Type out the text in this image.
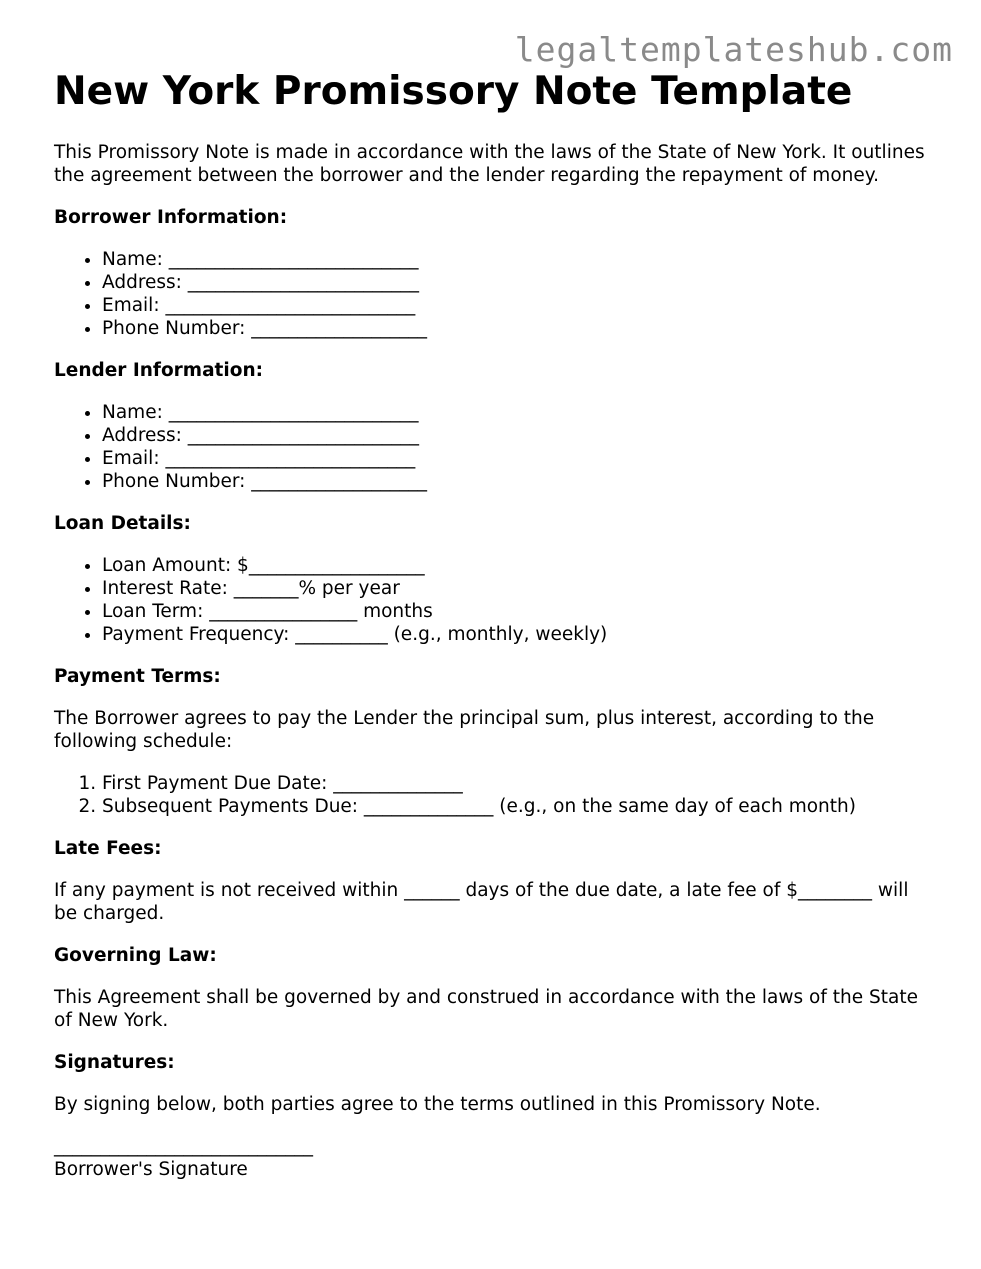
legaltemplateshub.com
New York Promissory Note Template

This Promissory Note is made in accordance with the laws of the State of New York. It outlines the agreement between the borrower and the lender regarding the repayment of money.

Borrower Information:
• Name: ___________________________
• Address: _________________________
• Email: ___________________________
• Phone Number: ___________________
Lender Information:
• Name: ___________________________
• Address: _________________________
• Email: ___________________________
• Phone Number: ___________________
Loan Details:
• Loan Amount: $___________________
• Interest Rate: _______% per year
• Loan Term: ________________ months
• Payment Frequency: __________ (e.g., monthly, weekly)
Payment Terms:

The Borrower agrees to pay the Lender the principal sum, plus interest, according to the following schedule:

1. First Payment Due Date: ______________
2. Subsequent Payments Due: ______________ (e.g., on the same day of each month)
Late Fees:

If any payment is not received within ______ days of the due date, a late fee of $________ will be charged.

Governing Law:

This Agreement shall be governed by and construed in accordance with the laws of the State of New York.

Signatures:

By signing below, both parties agree to the terms outlined in this Promissory Note.

____________________________
Borrower's Signature
